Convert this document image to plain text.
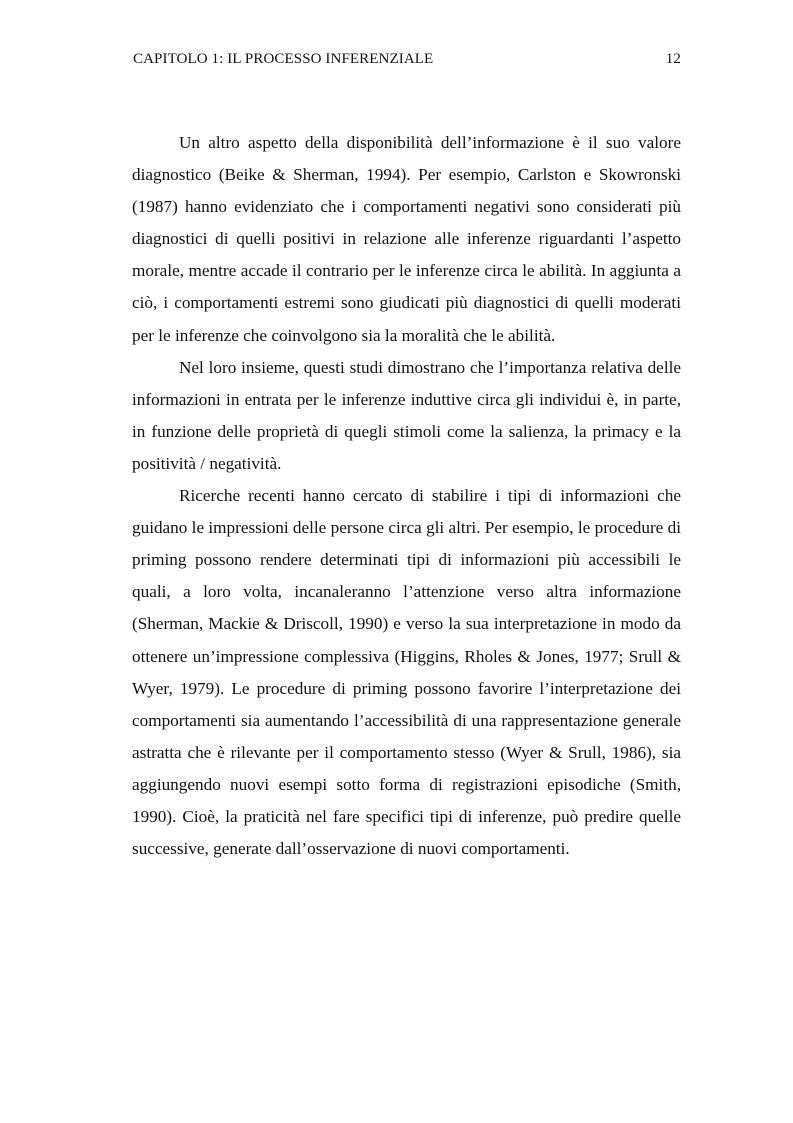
CAPITOLO 1: IL PROCESSO INFERENZIALE	12

Un altro aspetto della disponibilità dell’informazione è il suo valore diagnostico (Beike & Sherman, 1994). Per esempio, Carlston e Skowronski (1987) hanno evidenziato che i comportamenti negativi sono considerati più diagnostici di quelli positivi in relazione alle inferenze riguardanti l’aspetto morale, mentre accade il contrario per le inferenze circa le abilità. In aggiunta a ciò, i comportamenti estremi sono giudicati più diagnostici di quelli moderati per le inferenze che coinvolgono sia la moralità che le abilità.

Nel loro insieme, questi studi dimostrano che l’importanza relativa delle informazioni in entrata per le inferenze induttive circa gli individui è, in parte, in funzione delle proprietà di quegli stimoli come la salienza, la primacy e la positività / negatività.

Ricerche recenti hanno cercato di stabilire i tipi di informazioni che guidano le impressioni delle persone circa gli altri. Per esempio, le procedure di priming possono rendere determinati tipi di informazioni più accessibili le quali, a loro volta, incanaleranno l’attenzione verso altra informazione (Sherman, Mackie & Driscoll, 1990) e verso la sua interpretazione in modo da ottenere un’impressione complessiva (Higgins, Rholes & Jones, 1977; Srull & Wyer, 1979). Le procedure di priming possono favorire l’interpretazione dei comportamenti sia aumentando l’accessibilità di una rappresentazione generale astratta che è rilevante per il comportamento stesso (Wyer & Srull, 1986), sia aggiungendo nuovi esempi sotto forma di registrazioni episodiche (Smith, 1990). Cioè, la praticità nel fare specifici tipi di inferenze, può predire quelle successive, generate dall’osservazione di nuovi comportamenti.
